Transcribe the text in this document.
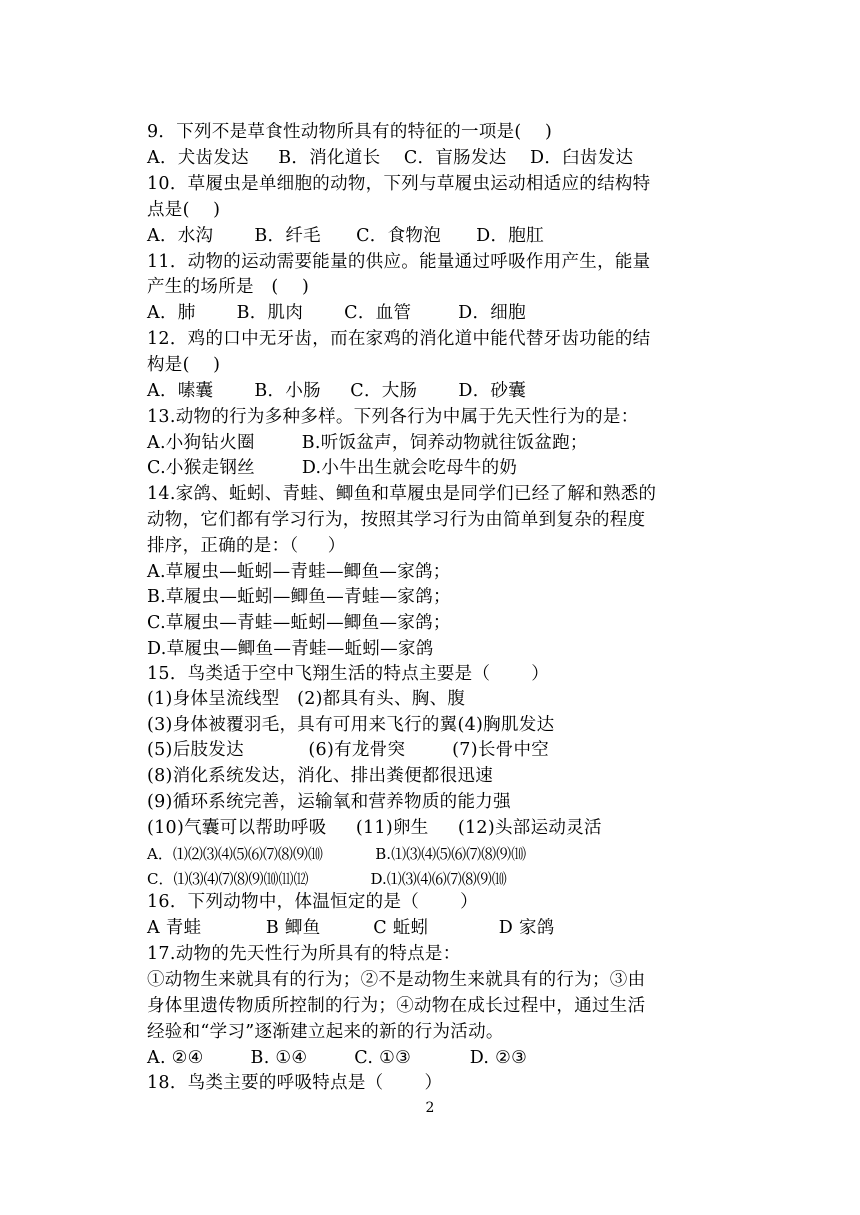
9．下列不是草食性动物所具有的特征的一项是(    )
A．犬齿发达     B．消化道长    C．盲肠发达    D．臼齿发达
10．草履虫是单细胞的动物，下列与草履虫运动相适应的结构特
点是(    )
A．水沟       B．纤毛      C．食物泡      D．胞肛
11．动物的运动需要能量的供应。能量通过呼吸作用产生，能量
产生的场所是   (    )
A．肺       B．肌肉       C．血管        D．细胞
12．鸡的口中无牙齿，而在家鸡的消化道中能代替牙齿功能的结
构是(    )
A．嗉囊       B．小肠     C．大肠       D．砂囊
13.动物的行为多种多样。下列各行为中属于先天性行为的是：
A.小狗钻火圈        B.听饭盆声，饲养动物就往饭盆跑；
C.小猴走钢丝        D.小牛出生就会吃母牛的奶
14.家鸽、蚯蚓、青蛙、鲫鱼和草履虫是同学们已经了解和熟悉的
动物，它们都有学习行为，按照其学习行为由简单到复杂的程度
排序，正确的是：（     ）
A.草履虫—蚯蚓—青蛙—鲫鱼—家鸽；
B.草履虫—蚯蚓—鲫鱼—青蛙—家鸽；
C.草履虫—青蛙—蚯蚓—鲫鱼—家鸽；
D.草履虫—鲫鱼—青蛙—蚯蚓—家鸽
15．鸟类适于空中飞翔生活的特点主要是（       ）
(1)身体呈流线型   (2)都具有头、胸、腹
(3)身体被覆羽毛，具有可用来飞行的翼(4)胸肌发达
(5)后肢发达           (6)有龙骨突        (7)长骨中空
(8)消化系统发达，消化、排出粪便都很迅速
(9)循环系统完善，运输氧和营养物质的能力强
(10)气囊可以帮助呼吸     (11)卵生     (12)头部运动灵活
A．⑴⑵⑶⑷⑸⑹⑺⑻⑼⑽           B.⑴⑶⑷⑸⑹⑺⑻⑼⑽
C．⑴⑶⑷⑺⑻⑼⑽⑾⑿             D.⑴⑶⑷⑹⑺⑻⑼⑽
16．下列动物中，体温恒定的是（       ）
A 青蛙           B 鲫鱼         C 蚯蚓            D 家鸽
17.动物的先天性行为所具有的特点是：
①动物生来就具有的行为；②不是动物生来就具有的行为；③由
身体里遗传物质所控制的行为；④动物在成长过程中，通过生活
经验和“学习”逐渐建立起来的新的行为活动。
A. ②④        B. ①④        C. ①③          D. ②③
18．鸟类主要的呼吸特点是（       ）
2
